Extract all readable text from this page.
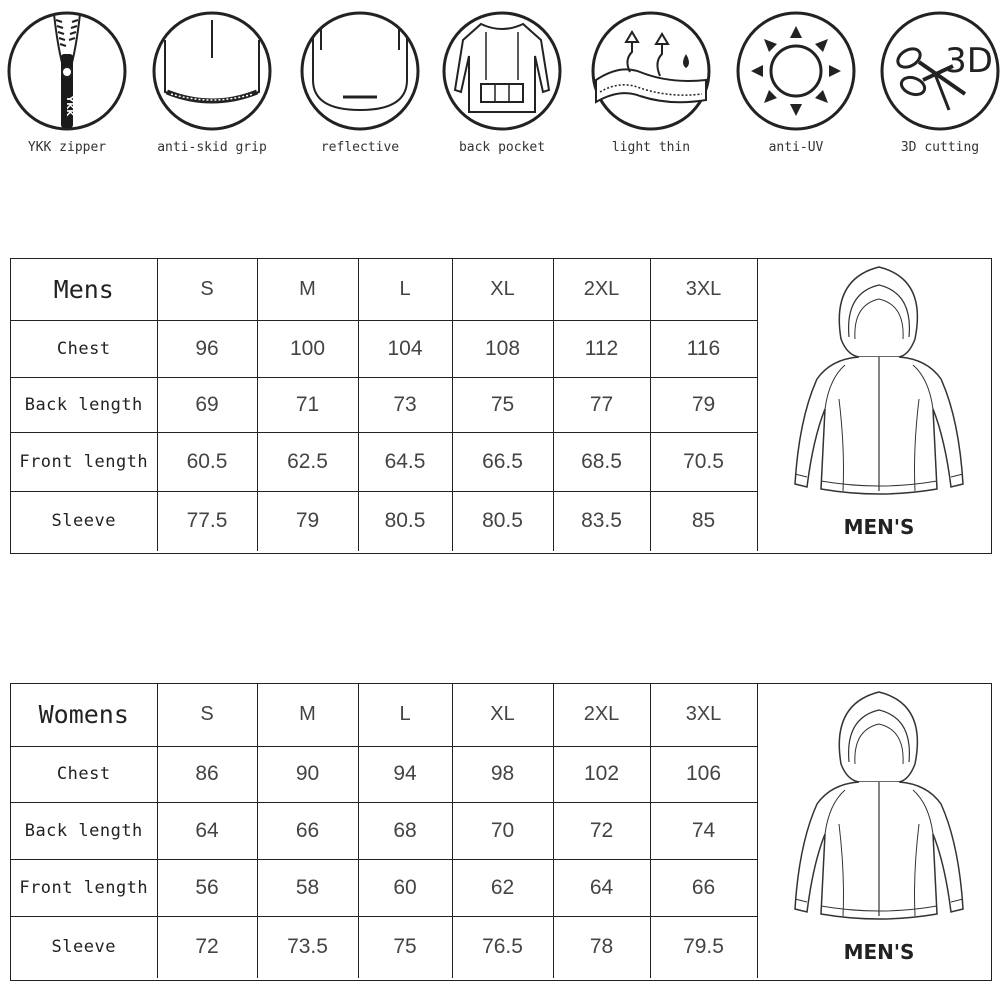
YKK
YKK zipper	anti-skid grip	reflective	back pocket	light thin	anti-UV
3D
3D cutting
Mens	S	M	L	XL	2XL	3XL
Chest	96	100	104	108	112	116
Back length	69	71	73	75	77	79
Front length	60.5	62.5	64.5	66.5	68.5	70.5
Sleeve	77.5	79	80.5	80.5	83.5	85	MEN'S
Womens	S	M	L	XL	2XL	3XL
Chest	86	90	94	98	102	106
Back length	64	66	68	70	72	74
Front length	56	58	60	62	64	66
Sleeve	72	73.5	75	76.5	78	79.5	MEN'S
